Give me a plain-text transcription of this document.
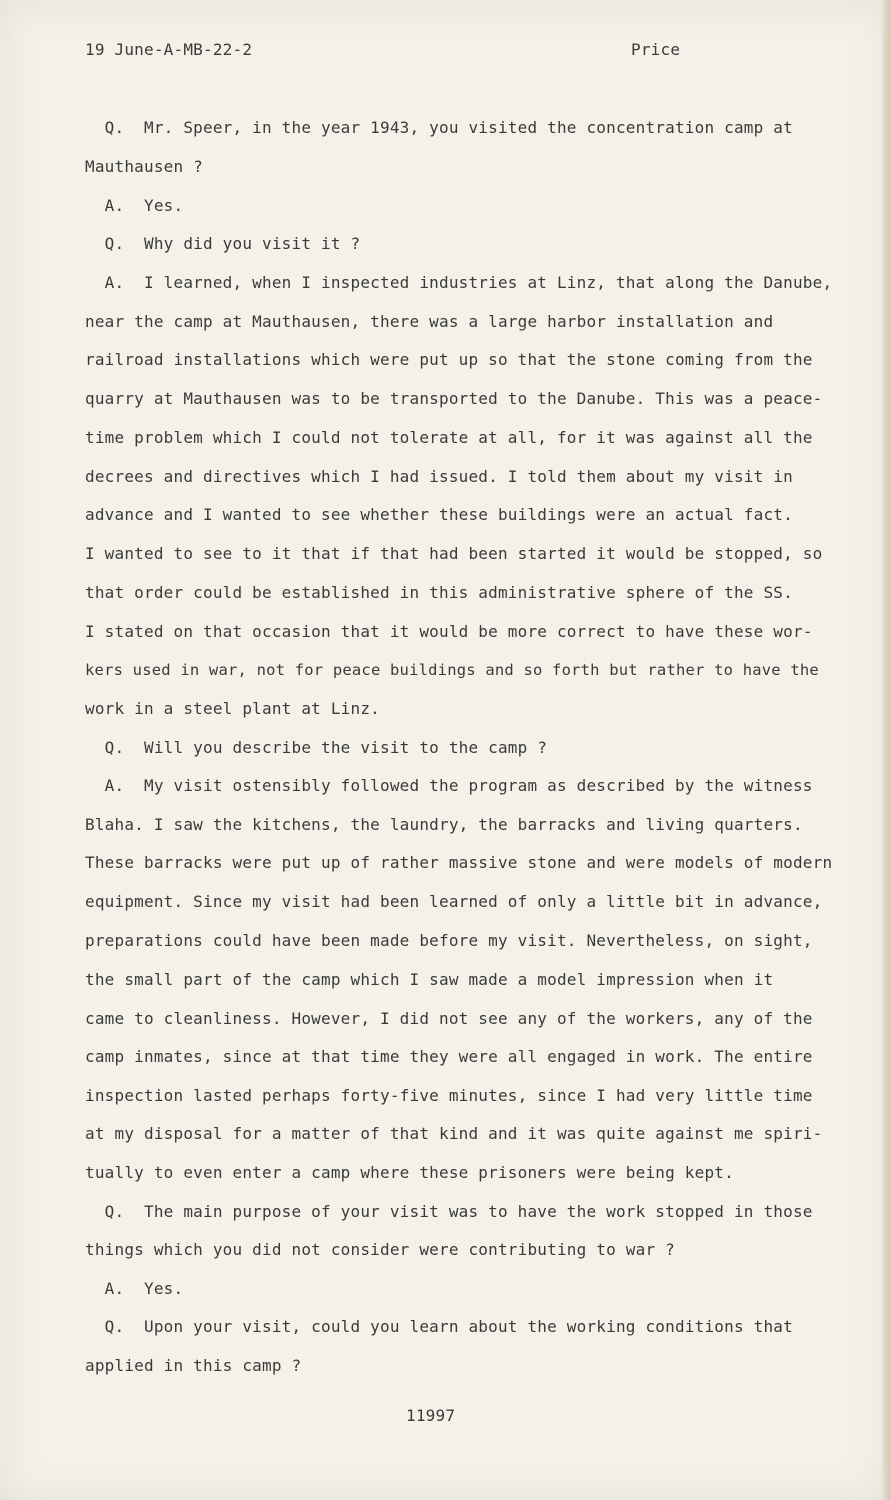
19 June-A-MB-22-2	Price
Q.  Mr. Speer, in the year 1943, you visited the concentration camp at
Mauthausen ?
A.  Yes.
Q.  Why did you visit it ?
A.  I learned, when I inspected industries at Linz, that along the Danube,
near the camp at Mauthausen, there was a large harbor installation and
railroad installations which were put up so that the stone coming from the
quarry at Mauthausen was to be transported to the Danube. This was a peace-
time problem which I could not tolerate at all, for it was against all the
decrees and directives which I had issued. I told them about my visit in
advance and I wanted to see whether these buildings were an actual fact.
I wanted to see to it that if that had been started it would be stopped, so
that order could be established in this administrative sphere of the SS.
I stated on that occasion that it would be more correct to have these wor-
kers used in war, not for peace buildings and so forth but rather to have the
work in a steel plant at Linz.
Q.  Will you describe the visit to the camp ?
A.  My visit ostensibly followed the program as described by the witness
Blaha. I saw the kitchens, the laundry, the barracks and living quarters.
These barracks were put up of rather massive stone and were models of modern
equipment. Since my visit had been learned of only a little bit in advance,
preparations could have been made before my visit. Nevertheless, on sight,
the small part of the camp which I saw made a model impression when it
came to cleanliness. However, I did not see any of the workers, any of the
camp inmates, since at that time they were all engaged in work. The entire
inspection lasted perhaps forty-five minutes, since I had very little time
at my disposal for a matter of that kind and it was quite against me spiri-
tually to even enter a camp where these prisoners were being kept.
Q.  The main purpose of your visit was to have the work stopped in those
things which you did not consider were contributing to war ?
A.  Yes.
Q.  Upon your visit, could you learn about the working conditions that
applied in this camp ?
11997
